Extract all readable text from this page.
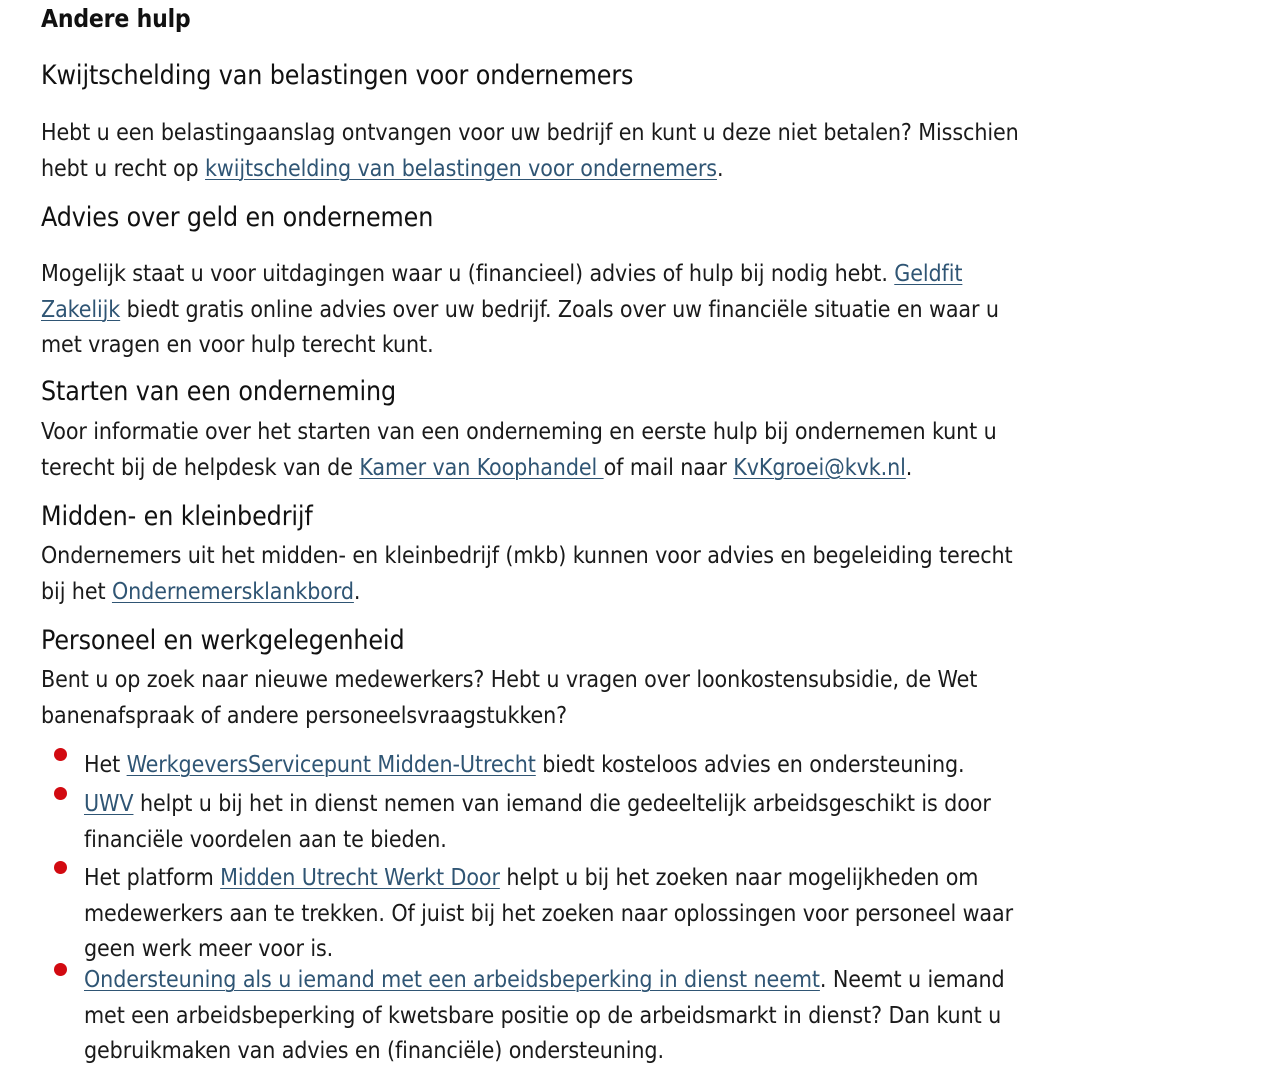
Andere hulp
Kwijtschelding van belastingen voor ondernemers
Advies over geld en ondernemen
Starten van een onderneming
Midden- en kleinbedrijf
Personeel en werkgelegenheid
Hebt u een belastingaanslag ontvangen voor uw bedrijf en kunt u deze niet betalen? Misschien
hebt u recht op kwijtschelding van belastingen voor ondernemers.
Mogelijk staat u voor uitdagingen waar u (financieel) advies of hulp bij nodig hebt. Geldfit
Zakelijk biedt gratis online advies over uw bedrijf. Zoals over uw financiële situatie en waar u
met vragen en voor hulp terecht kunt.
Voor informatie over het starten van een onderneming en eerste hulp bij ondernemen kunt u
terecht bij de helpdesk van de Kamer van Koophandel of mail naar KvKgroei@kvk.nl.
Ondernemers uit het midden- en kleinbedrijf (mkb) kunnen voor advies en begeleiding terecht
bij het Ondernemersklankbord.
Bent u op zoek naar nieuwe medewerkers? Hebt u vragen over loonkostensubsidie, de Wet
banenafspraak of andere personeelsvraagstukken?
Het WerkgeversServicepunt Midden-Utrecht biedt kosteloos advies en ondersteuning.
UWV helpt u bij het in dienst nemen van iemand die gedeeltelijk arbeidsgeschikt is door
financiële voordelen aan te bieden.
Het platform Midden Utrecht Werkt Door helpt u bij het zoeken naar mogelijkheden om
medewerkers aan te trekken. Of juist bij het zoeken naar oplossingen voor personeel waar
geen werk meer voor is.
Ondersteuning als u iemand met een arbeidsbeperking in dienst neemt. Neemt u iemand
met een arbeidsbeperking of kwetsbare positie op de arbeidsmarkt in dienst? Dan kunt u
gebruikmaken van advies en (financiële) ondersteuning.
